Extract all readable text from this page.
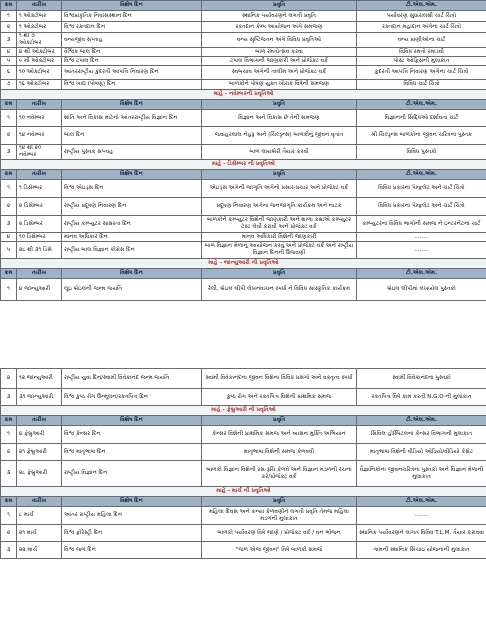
ક્રમ	તારીખ	વિશેષ દિન	પ્રવૃતિ	ટી.એલ.એમ.
૧	૧ ઓક્ટોબર	વિશ્વપ્રાકૃતિક નિવાસસ્થાન દિન	સ્થાનિક પર્યાવરણને લગતી પ્રવૃતિ	પર્યાવરણ સુધારાલક્ષી ચાર્ટ ચિત્રો
૨	૧ ઓક્ટોબર	વિશ્વ રક્તદાન દિન	રક્તદાન કેમ્પ આયોજન અંગે સમજણ	રક્તદાન મહાદાન અંગેના ચાર્ટ ચિત્રો
૩	૧ થી ૭ ઓક્ટોબર	વન્યજીવ સપ્તાહ	વન્ય સૃષ્ટિજતન અંગે વિવિધ પ્રવૃતિઓ	વન્ય પ્રાણીઓના ચાર્ટ
૪	૪ થી ઓક્ટોબર	વૈશ્વિક બાલ દિન	બાળ રમતોત્સવ કરવા	વિવિધ રમતો રમાડવી
૫	૯ મી ઓક્ટોબર	વિશ્વ ટપાલ દિન	ટપાલ વિભાગની જાણકારી અને પ્રોજેક્ટ વર્ક	પોસ્ટ ઓફિસની મુલાકાત
૬	૧૦ ઓક્ટોબર	આંતરરાષ્ટ્રીય કુદરતી આપત્તિ નિવારણ દિન	સ્વબચાવ અંગેની તાલીમ અને પ્રોજેક્ટ વર્ક	કુદરતી આપત્તિ નિવારણ અંગેના ચાર્ટ ચિત્રો
૭	૧૬ ઓક્ટોબર	વિશ્વ ખાદ્ય (પોષણ) દિન	બાળકોને પોષણ યુક્ત ખોરાક વિષેની સમજણ	વિવિધ ચાર્ટ ચિત્રો
માહે - નવેમ્બરની પ્રવૃતિઓ				
ક્રમ	તારીખ	વિશેષ દિન	પ્રવૃતિ	ટી.એલ.એમ.
૧	૧૦ નવેમ્બર	શાંતિ અને વિકાસ માટેનો આંતરરાષ્ટ્રીય વિજ્ઞાન દિન	વિજ્ઞાન અને વિકાસ છે તેની સમજણ	વિજ્ઞાનની સિદ્ધિઓ દર્શાવતા ચાર્ટ
૨	૧૪ નવેમ્બર	બાલ દિન	જવાહરલાલ નેહરૂ અને (ચિલ્ડ્રન્સ) બાળકોનું જીવન વૃતાંત	શ્રી ચિલ્ડ્રન્સ બાળકોના જીવન ચરિત્રના પુસ્તક
૩	૧૪ થી ૨૦ નવેમ્બર	રાષ્ટ્રીય પુસ્તક સપ્તાહ	બાળ લાયબ્રેરી તૈયાર કરવી	વિવિધ પુસ્તકો
માહે - ડિસેમ્બર ની પ્રવૃતિઓ				
ક્રમ	તારીખ	વિશેષ દિન	પ્રવૃતિ	ટી.એલ.એમ.
૧	૧ ડિસેમ્બર	વિશ્વ એઇડ્સ દિન	એઇડ્સ અંગેની જાગૃતિ અંગેનો પ્રસાર-પ્રચાર અને પ્રોજેક્ટ વર્ક	વિવિધ પ્રકારના પેમ્ફલેટ અને ચાર્ટ ચિત્રો
૨	૨ ડિસેમ્બર	રાષ્ટ્રીય પ્રદૂષણ નિવારણ દિન	પ્રદૂષણ નિવારણ અંગેના જનજાગૃતિ કાર્યક્રમ અને નાટક	વિવિધ પ્રકારના પેમ્ફલેટ અને ચાર્ટ ચિત્રો
૩	૨ ડિસેમ્બર	રાષ્ટ્રીય કમ્પ્યુટર સાક્ષરતા દિન	બાળકોને કમ્પ્યુટર વિશેની જાણકારી અને શાળા કક્ષાએ કમ્પ્યુટર ટેસ્ટ લેવી કરાવી અને પ્રોજેક્ટ વર્ક	કમ્પ્યુટરના વિવિધ ભાગોની સમજ ને ઇન્ટરનેટના ચાર્ટ
૪	૧૦ ડિસેમ્બર	માનવ અધિકાર દિન	માનવ અધિકારો વિશેની જાણકારી	........
૫	૨૮ થી ૩૧ ડિસે	રાષ્ટ્રીય બાલ વિજ્ઞાન કોંગ્રેસ દિન	બાળ વિજ્ઞાન મેળાનું આયોજન કરવું અને પ્રોજેક્ટ વર્ક અને રાષ્ટ્રીય વિજ્ઞાન દિનની ઉજવણી	........
માહે - જાન્યુઆરી ની પ્રવૃતિઓ				
ક્રમ	તારીખ	વિશેષ દિન	પ્રવૃતિ	ટી.એલ.એમ.
૧	૪ જાન્યુઆરી	લૂઇ બ્રેઇલની જન્મ જયંતિ	રેલી, બ્રેઇલ લીપી લેખનવાચન સ્પર્ધા ને વિવિધ સાંસ્કૃતિક કાર્યક્રમ	બ્રેઇલ લીપીમાં લખાયેલ પુસ્તકો
૨	૧૨ જાન્યુઆરી	રાષ્ટ્રીય યુવા દિન/સ્વામી વિવેકાનંદ જન્મ જયંતિ	સ્વામી વિવેકાનંદના જીવન વિશેના વિવિધ પ્રસંગો અને વક્તૃત્વ સ્પર્ધા	સ્વામી વિવેકાનંદના પુસ્તકો
૩	૩૧ જાન્યુઆરી	વિશ્વ કુષ્ઠ રોગ ઉન્મૂલન/રક્તપિત્ત દિન	કુષ્ઠ રોગ અને રક્તપિત્ત વિશેની પ્રાથમિક સમજ	રક્તપિત્ત વિષે કામ કરતી N.G.O ની મુલાકાત
માહે - ફેબ્રુઆરી ની પ્રવૃતિઓ				
ક્રમ	તારીખ	વિશેષ દિન	પ્રવૃતિ	ટી.એલ.એમ.
૧	૪ ફેબ્રુઆરી	વિશ્વ કેન્સર દિન	કેન્સર વિશેની પ્રાથમિક સમજ અને વ્યસન મુક્તિ અભિયાન	સિવિલ હોસ્પિટલના કેન્સર વિભાગની મુલાકાત
૨	૨૧ ફેબ્રુઆરી	વિશ્વ માતૃભાષા દિન	માતૃભાષા વિશેની સમજ કેળવવી	માતૃભાષા વિશેની વીડિયો ઓડિયો/વીડિયો કેસેટ
૩	૨૮ ફેબ્રુઆરી	રાષ્ટ્રીય વિજ્ઞાન દિન	બાળકો વિજ્ઞાન વિશેની રસ-રૂચિ કેળવે અને વિજ્ઞાન મંડળની રચના કરે/પ્રોજેક્ટ વર્ક	વૈજ્ઞાનિકોના જીવનચરિત્રના પુસ્તકો અને વિજ્ઞાન મેળાની મુલાકાત
માહે - માર્ચ ની પ્રવૃતિઓ				
ક્રમ	તારીખ	વિશેષ દિન	પ્રવૃતિ	ટી.એલ.એમ.
૧	૮ માર્ચ	આંતર રાષ્ટ્રીય મહિલા દિન	મહિલા દિવસ અને કન્યા કેળવણીને લગતી પ્રવૃતિ તેમજ મહિલા મંડળની મુલાકાત	........
૨	૨૧ માર્ચ	વિશ્વ ફોરેસ્ટ્રી દિન	બાળકો પર્યાવરણ વિષે જાણે / પ્રોજેક્ટ વર્ક / વન ભોજન	સ્થાનિક પર્યાવરણને લાગત વિવિધ T.L.M. તૈયાર કરાવવા
૩	૨૨ માર્ચ	વિશ્વ જળ દિન	"જળ એજ જીવન" વિષે બાળકો સમજે	ગામની સ્થાનિક સિંચાઇ યોજનાની મુલાકાત
